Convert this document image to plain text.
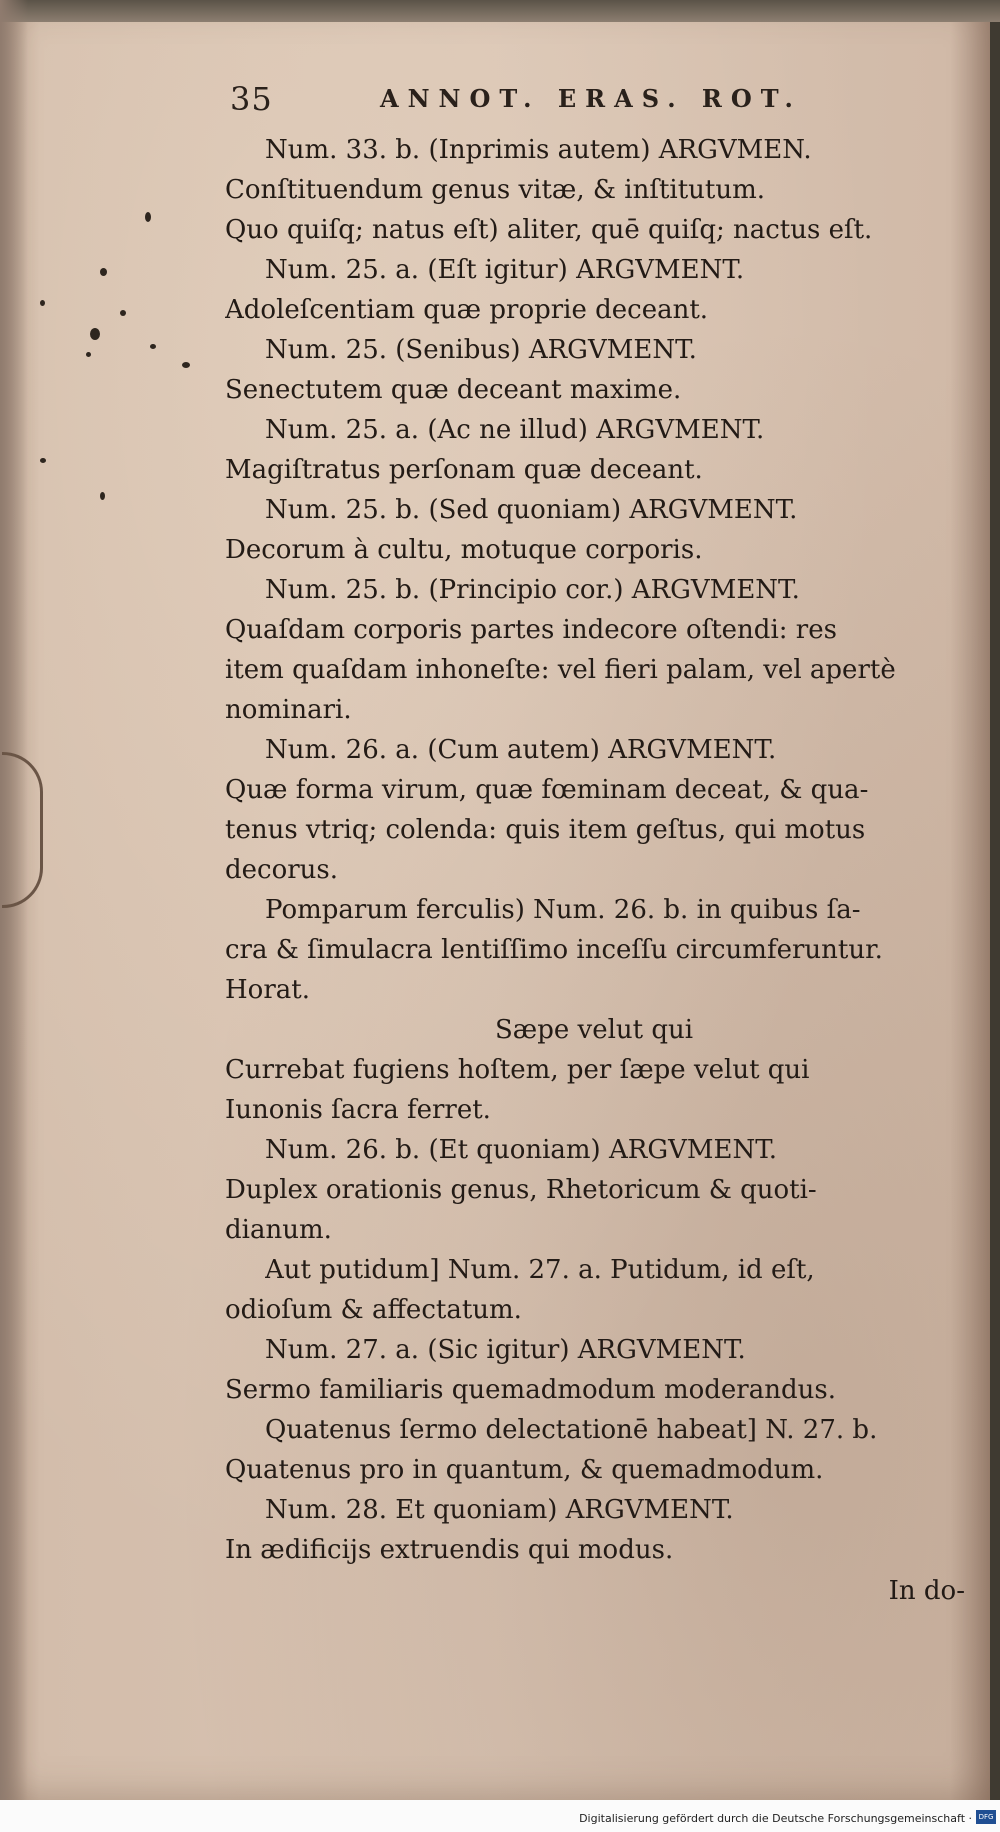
35	ANNOT. ERAS. ROT.
Num. 33. b. (Inprimis autem) ARGVMEN.
Conſtituendum genus vitæ, & inſtitutum.
Quo quiſq; natus eſt) aliter, quē quiſq; nactus eſt.
Num. 25. a. (Eſt igitur) ARGVMENT.
Adoleſcentiam quæ proprie deceant.
Num. 25. (Senibus) ARGVMENT.
Senectutem quæ deceant maxime.
Num. 25. a. (Ac ne illud) ARGVMENT.
Magiſtratus perſonam quæ deceant.
Num. 25. b. (Sed quoniam) ARGVMENT.
Decorum à cultu, motuque corporis.
Num. 25. b. (Principio cor.) ARGVMENT.
Quaſdam corporis partes indecore oſtendi: res
item quaſdam inhoneſte: vel fieri palam, vel apertè
nominari.
Num. 26. a. (Cum autem) ARGVMENT.
Quæ forma virum, quæ fœminam deceat, & qua-
tenus vtriq; colenda: quis item geſtus, qui motus
decorus.
Pomparum ferculis) Num. 26. b. in quibus ſa-
cra & ſimulacra lentiſſimo inceſſu circumferuntur.
Horat.
Sæpe velut qui
Currebat fugiens hoſtem, per ſæpe velut qui
Iunonis ſacra ferret.
Num. 26. b. (Et quoniam) ARGVMENT.
Duplex orationis genus, Rhetoricum & quoti-
dianum.
Aut putidum] Num. 27. a. Putidum, id eſt,
odioſum & affectatum.
Num. 27. a. (Sic igitur) ARGVMENT.
Sermo familiaris quemadmodum moderandus.
Quatenus ſermo delectationē habeat] N. 27. b.
Quatenus pro in quantum, & quemadmodum.
Num. 28. Et quoniam) ARGVMENT.
In ædificijs extruendis qui modus.
In do-
Digitalisierung gefördert durch die Deutsche Forschungsgemeinschaft · DFG
